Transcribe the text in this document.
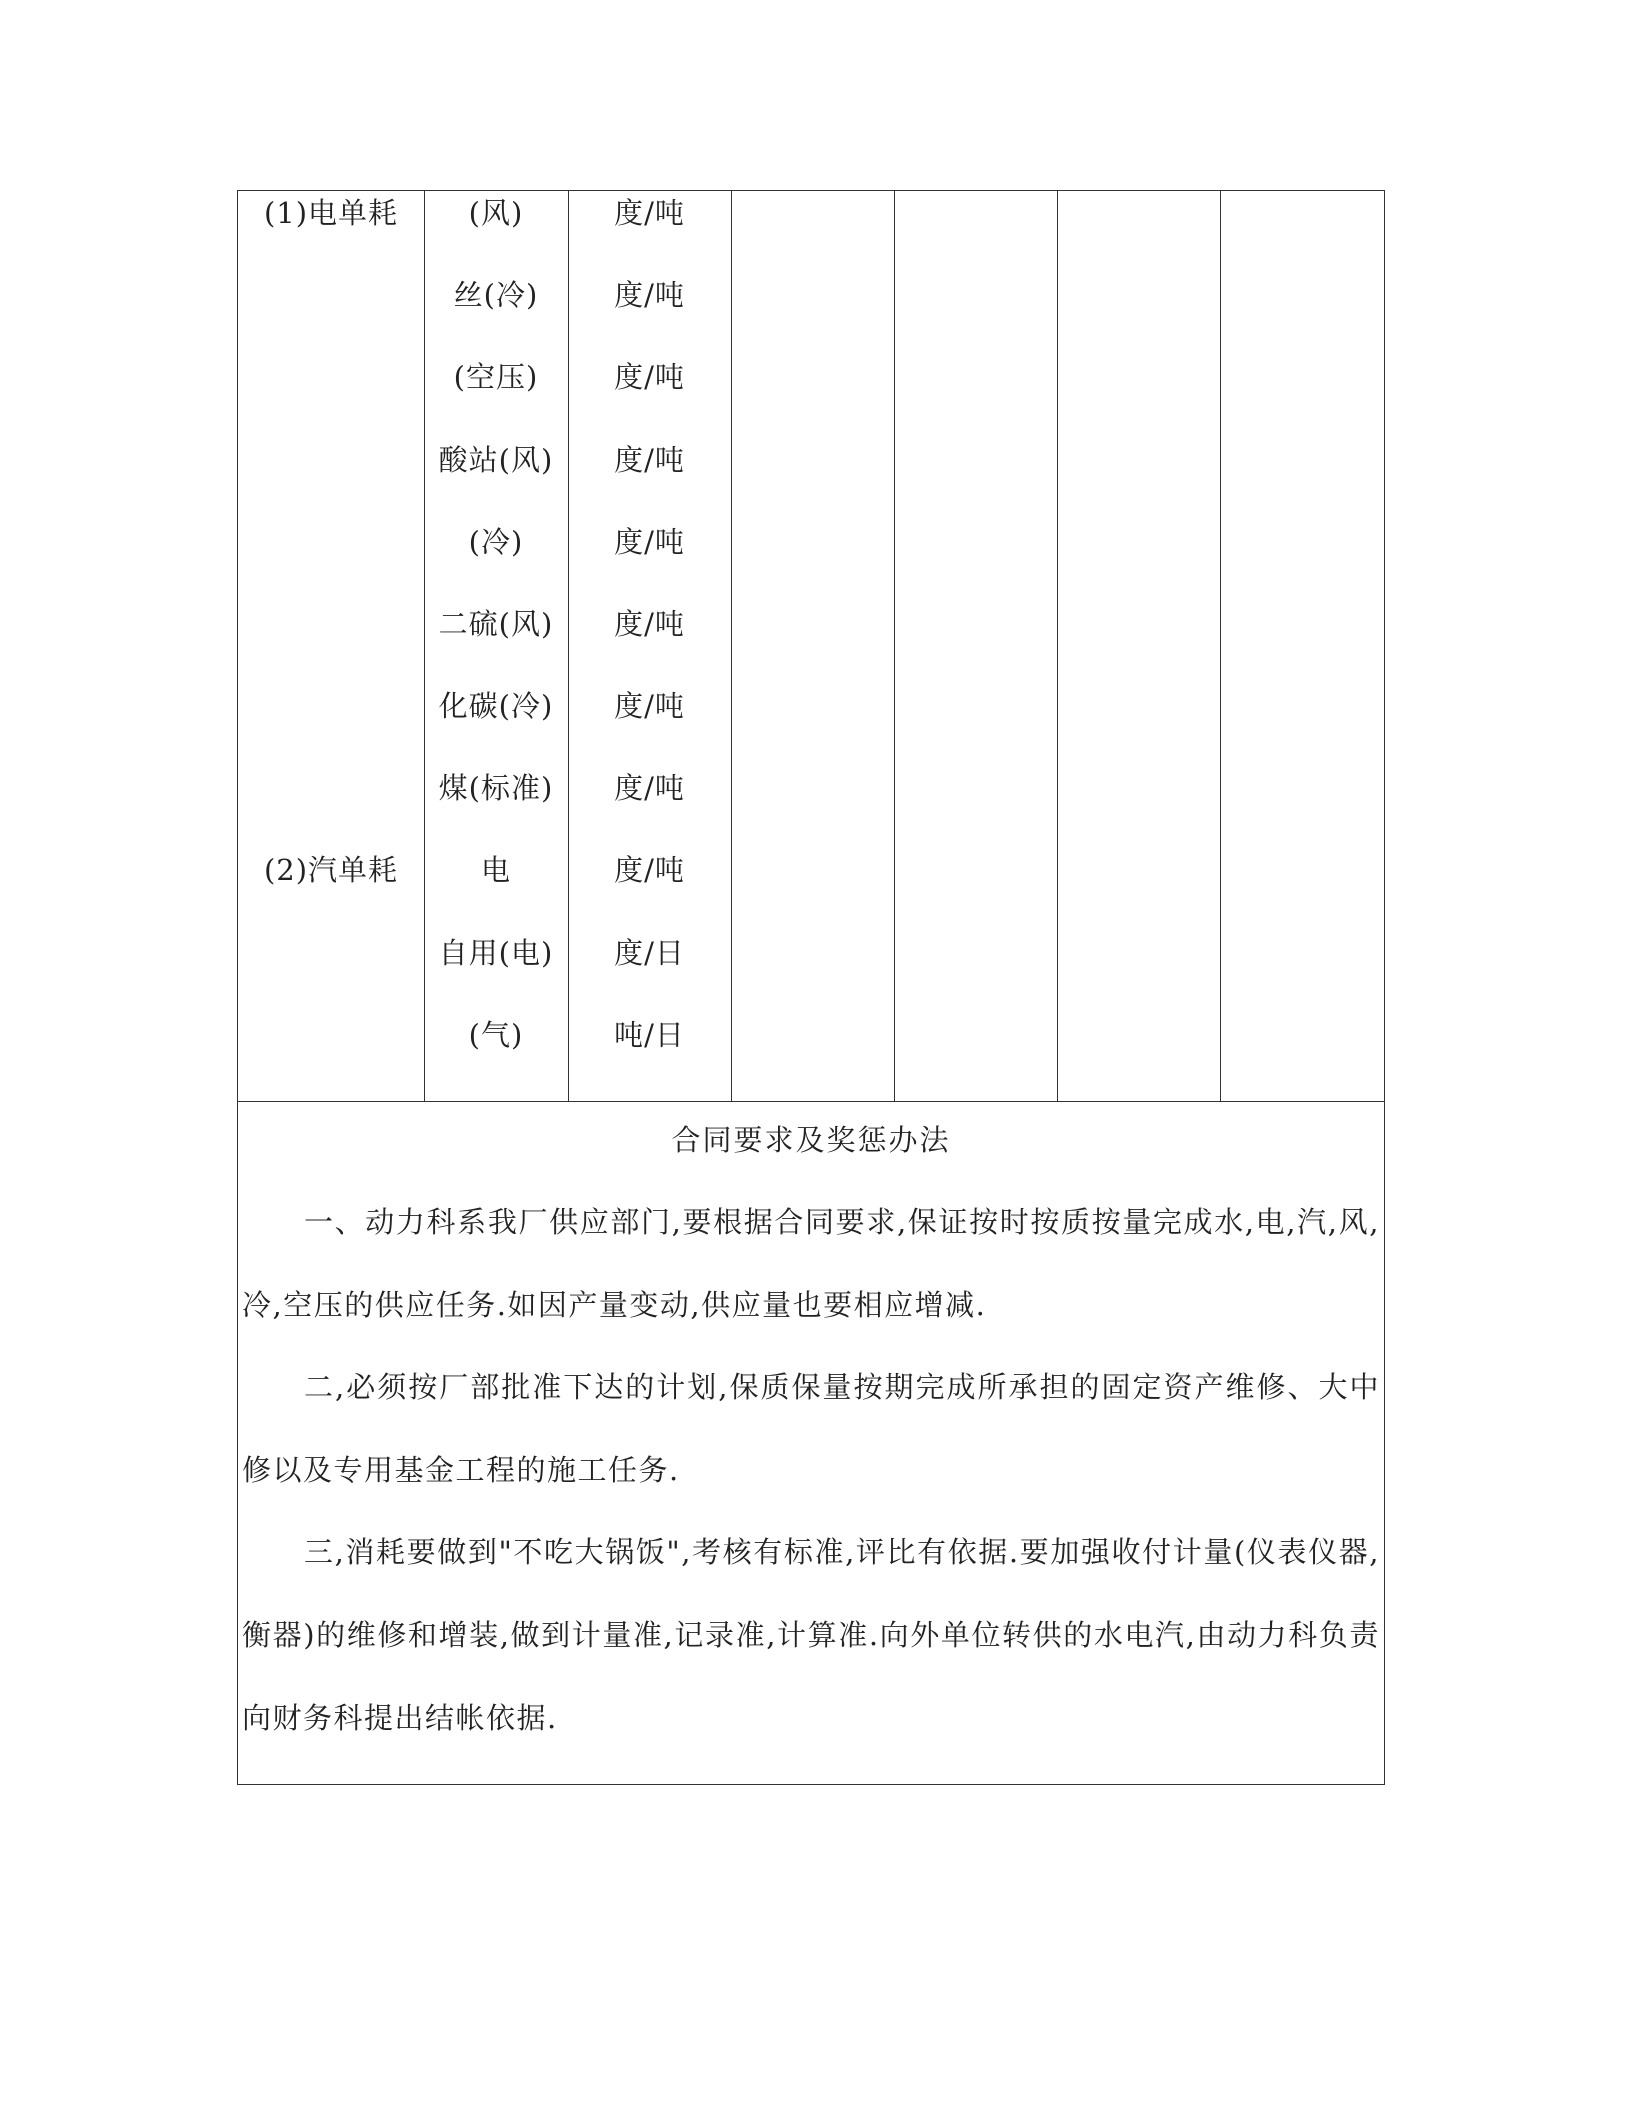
(1)电单耗	(风)	度/吨
丝(冷)	度/吨
(空压)	度/吨
酸站(风)	度/吨
(冷)	度/吨
二硫(风)	度/吨
化碳(冷)	度/吨
煤(标准)	度/吨
(2)汽单耗	电	度/吨
自用(电)	度/日
(气)	吨/日
合同要求及奖惩办法
一、动力科系我厂供应部门,要根据合同要求,保证按时按质按量完成水,电,汽,风,冷,空压的供应任务.如因产量变动,供应量也要相应增减.
二,必须按厂部批准下达的计划,保质保量按期完成所承担的固定资产维修、大中修以及专用基金工程的施工任务.
三,消耗要做到"不吃大锅饭",考核有标准,评比有依据.要加强收付计量(仪表仪器,衡器)的维修和增装,做到计量准,记录准,计算准.向外单位转供的水电汽,由动力科负责向财务科提出结帐依据.
